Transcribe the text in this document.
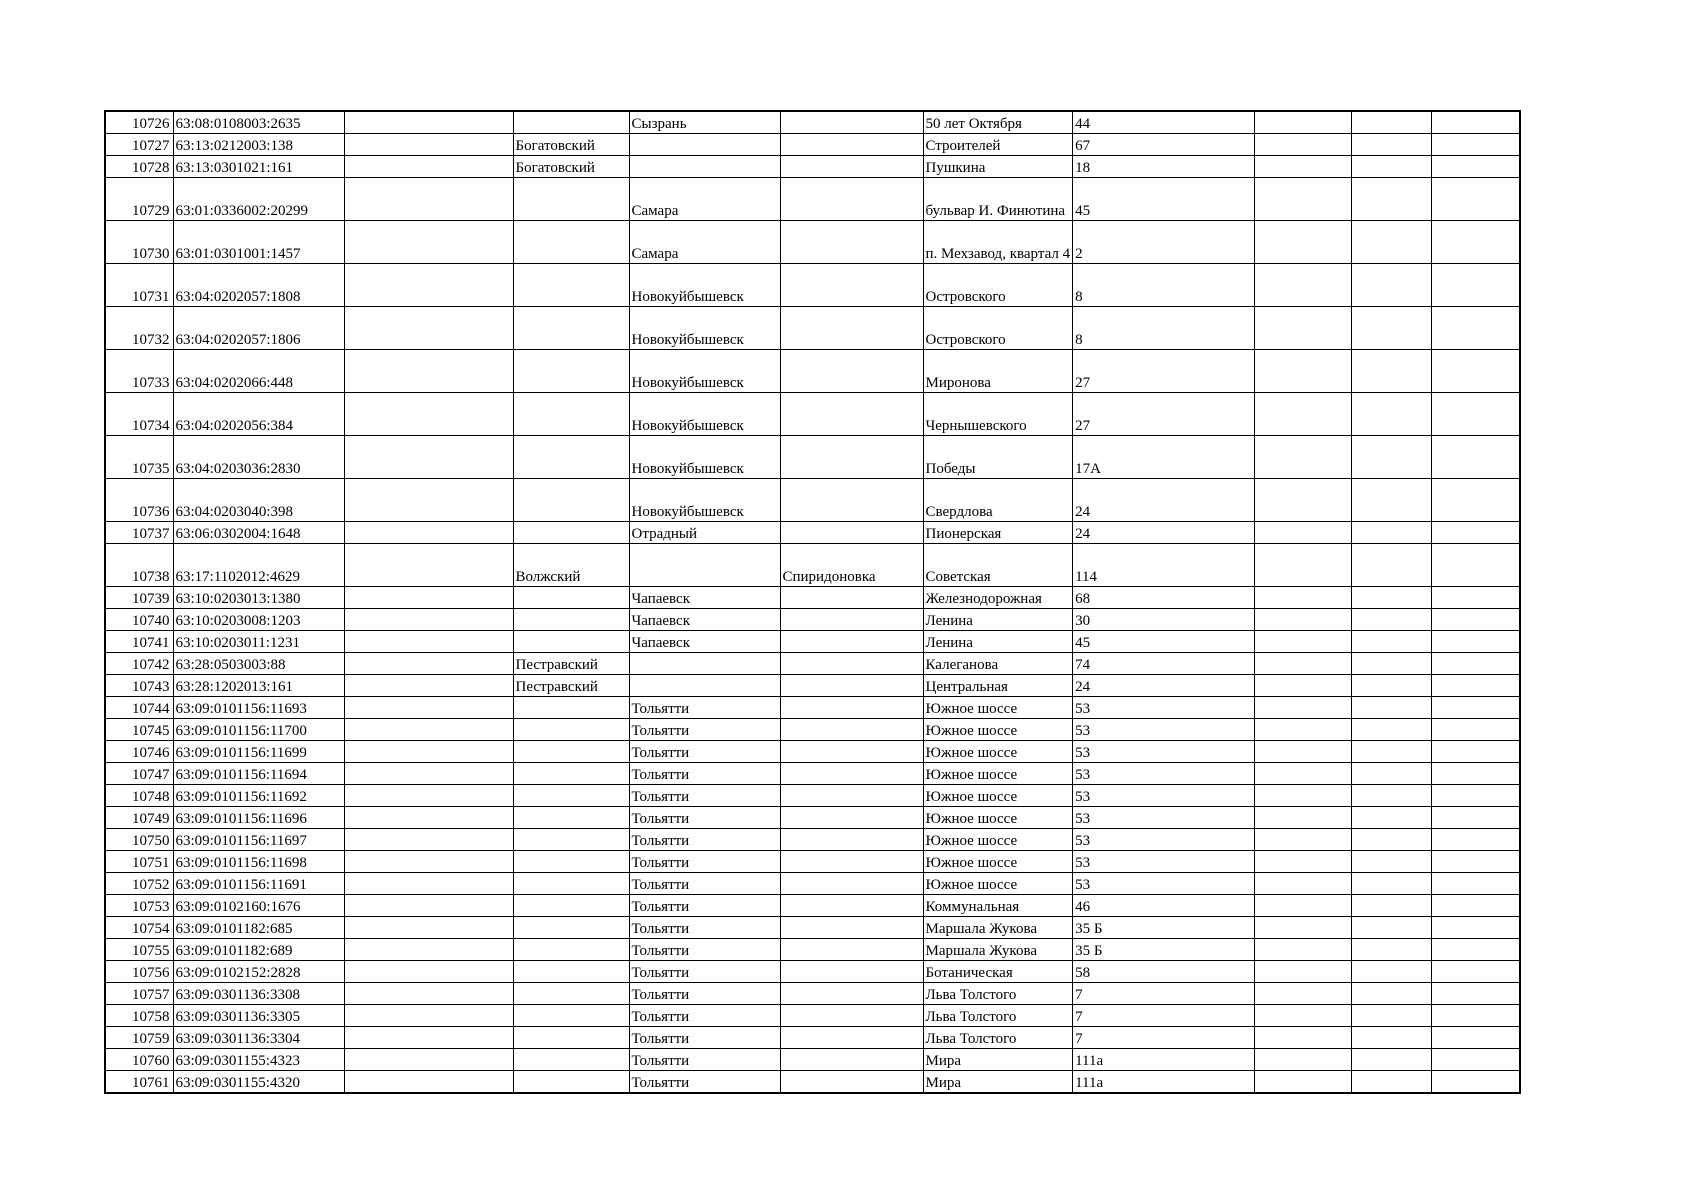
10726	63:08:0108003:2635			Сызрань		50 лет Октября	44			
10727	63:13:0212003:138		Богатовский			Строителей	67			
10728	63:13:0301021:161		Богатовский			Пушкина	18			
10729	63:01:0336002:20299			Самара		бульвар И. Финютина	45			
10730	63:01:0301001:1457			Самара		п. Мехзавод, квартал 4	2			
10731	63:04:0202057:1808			Новокуйбышевск		Островского	8			
10732	63:04:0202057:1806			Новокуйбышевск		Островского	8			
10733	63:04:0202066:448			Новокуйбышевск		Миронова	27			
10734	63:04:0202056:384			Новокуйбышевск		Чернышевского	27			
10735	63:04:0203036:2830			Новокуйбышевск		Победы	17А			
10736	63:04:0203040:398			Новокуйбышевск		Свердлова	24			
10737	63:06:0302004:1648			Отрадный		Пионерская	24			
10738	63:17:1102012:4629		Волжский		Спиридоновка	Советская	114			
10739	63:10:0203013:1380			Чапаевск		Железнодорожная	68			
10740	63:10:0203008:1203			Чапаевск		Ленина	30			
10741	63:10:0203011:1231			Чапаевск		Ленина	45			
10742	63:28:0503003:88		Пестравский			Калеганова	74			
10743	63:28:1202013:161		Пестравский			Центральная	24			
10744	63:09:0101156:11693			Тольятти		Южное шоссе	53			
10745	63:09:0101156:11700			Тольятти		Южное шоссе	53			
10746	63:09:0101156:11699			Тольятти		Южное шоссе	53			
10747	63:09:0101156:11694			Тольятти		Южное шоссе	53			
10748	63:09:0101156:11692			Тольятти		Южное шоссе	53			
10749	63:09:0101156:11696			Тольятти		Южное шоссе	53			
10750	63:09:0101156:11697			Тольятти		Южное шоссе	53			
10751	63:09:0101156:11698			Тольятти		Южное шоссе	53			
10752	63:09:0101156:11691			Тольятти		Южное шоссе	53			
10753	63:09:0102160:1676			Тольятти		Коммунальная	46			
10754	63:09:0101182:685			Тольятти		Маршала Жукова	35 Б			
10755	63:09:0101182:689			Тольятти		Маршала Жукова	35 Б			
10756	63:09:0102152:2828			Тольятти		Ботаническая	58			
10757	63:09:0301136:3308			Тольятти		Льва Толстого	7			
10758	63:09:0301136:3305			Тольятти		Льва Толстого	7			
10759	63:09:0301136:3304			Тольятти		Льва Толстого	7			
10760	63:09:0301155:4323			Тольятти		Мира	111а			
10761	63:09:0301155:4320			Тольятти		Мира	111а			
